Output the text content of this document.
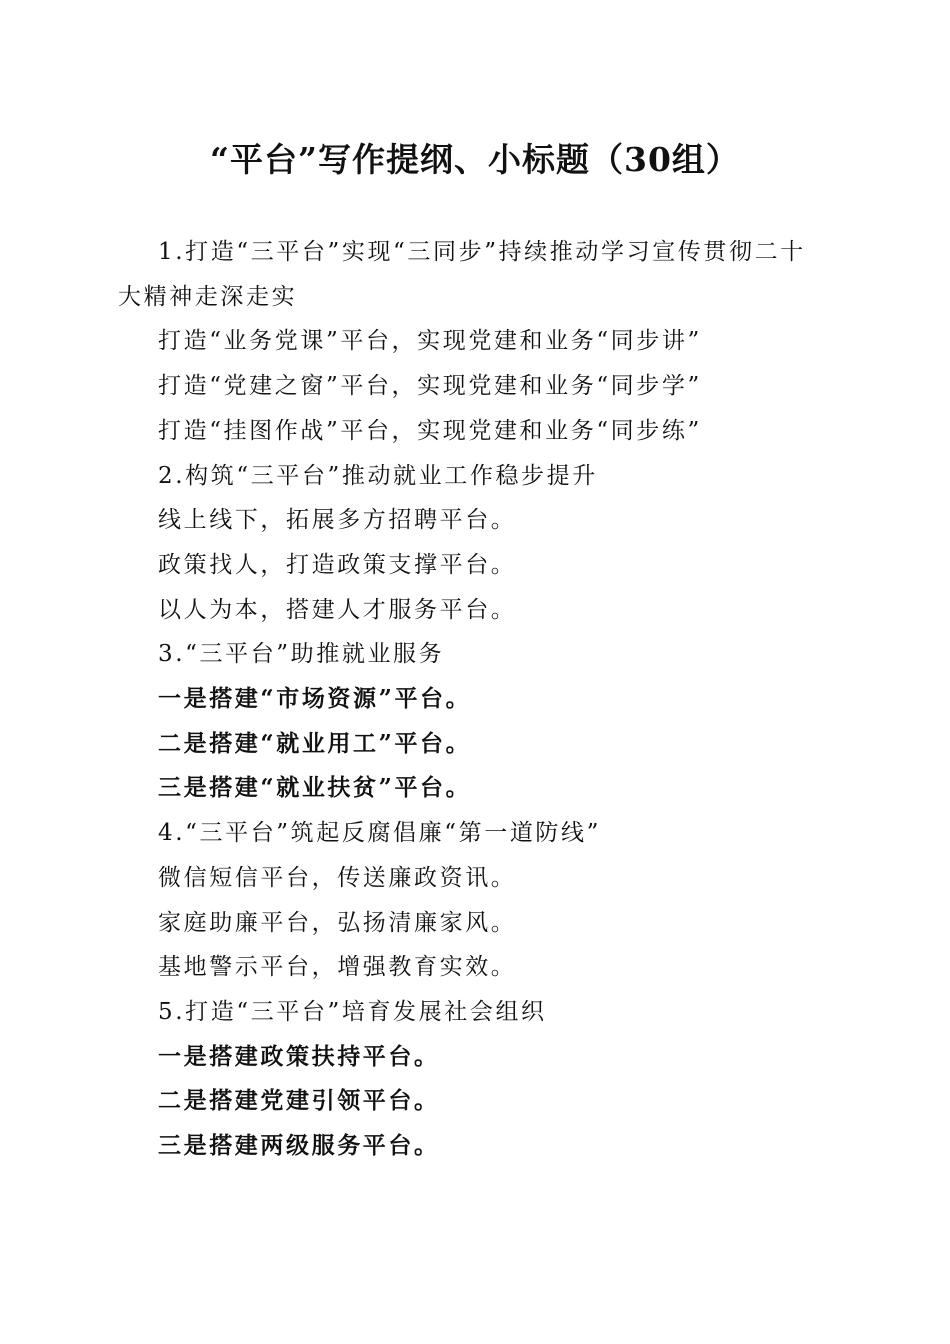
“平台”写作提纲、小标题（30组）

1.打造“三平台”实现“三同步”持续推动学习宣传贯彻二十大精神走深走实

打造“业务党课”平台，实现党建和业务“同步讲”

打造“党建之窗”平台，实现党建和业务“同步学”

打造“挂图作战”平台，实现党建和业务“同步练”

2.构筑“三平台”推动就业工作稳步提升

线上线下，拓展多方招聘平台。

政策找人，打造政策支撑平台。

以人为本，搭建人才服务平台。

3.“三平台”助推就业服务

一是搭建“市场资源”平台。

二是搭建“就业用工”平台。

三是搭建“就业扶贫”平台。

4.“三平台”筑起反腐倡廉“第一道防线”

微信短信平台，传送廉政资讯。

家庭助廉平台，弘扬清廉家风。

基地警示平台，增强教育实效。

5.打造“三平台”培育发展社会组织

一是搭建政策扶持平台。

二是搭建党建引领平台。

三是搭建两级服务平台。
